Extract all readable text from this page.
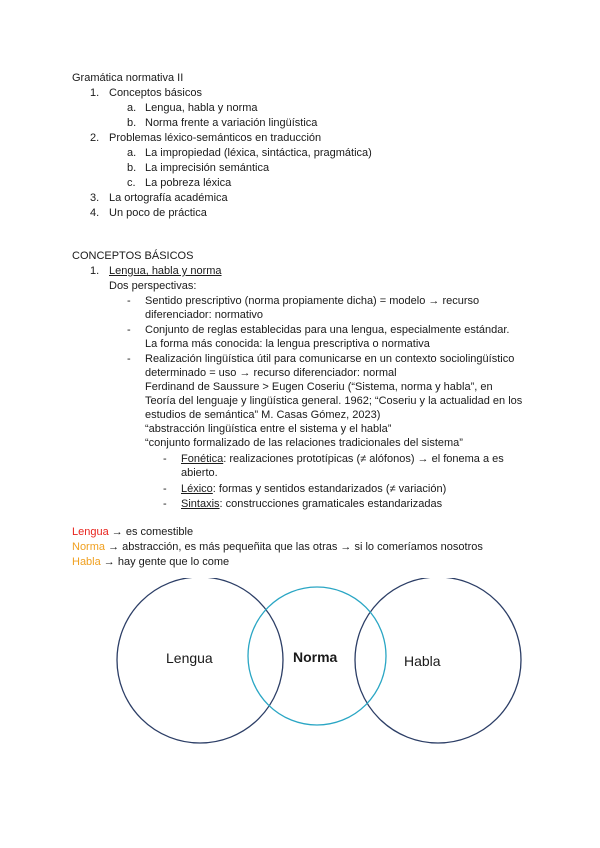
Gramática normativa II
1. Conceptos básicos
a. Lengua, habla y norma
b. Norma frente a variación lingüística
2. Problemas léxico-semánticos en traducción
a. La impropiedad (léxica, sintáctica, pragmática)
b. La imprecisión semántica
c. La pobreza léxica
3. La ortografía académica
4. Un poco de práctica
CONCEPTOS BÁSICOS
1. Lengua, habla y norma
Dos perspectivas:
- Sentido prescriptivo (norma propiamente dicha) = modelo → recurso
diferenciador: normativo
- Conjunto de reglas establecidas para una lengua, especialmente estándar.
La forma más conocida: la lengua prescriptiva o normativa
- Realización lingüística útil para comunicarse en un contexto sociolingüístico
determinado = uso → recurso diferenciador: normal
Ferdinand de Saussure > Eugen Coseriu (“Sistema, norma y habla”, en
Teoría del lenguaje y lingüística general. 1962; “Coseriu y la actualidad en los
estudios de semántica” M. Casas Gómez, 2023)
“abstracción lingüística entre el sistema y el habla”
“conjunto formalizado de las relaciones tradicionales del sistema”
- Fonética: realizaciones prototípicas (≠ alófonos) → el fonema a es
abierto.
- Léxico: formas y sentidos estandarizados (≠ variación)
- Sintaxis: construcciones gramaticales estandarizadas
Lengua → es comestible
Norma → abstracción, es más pequeñita que las otras → si lo comeríamos nosotros
Habla → hay gente que lo come
Lengua	Norma	Habla
